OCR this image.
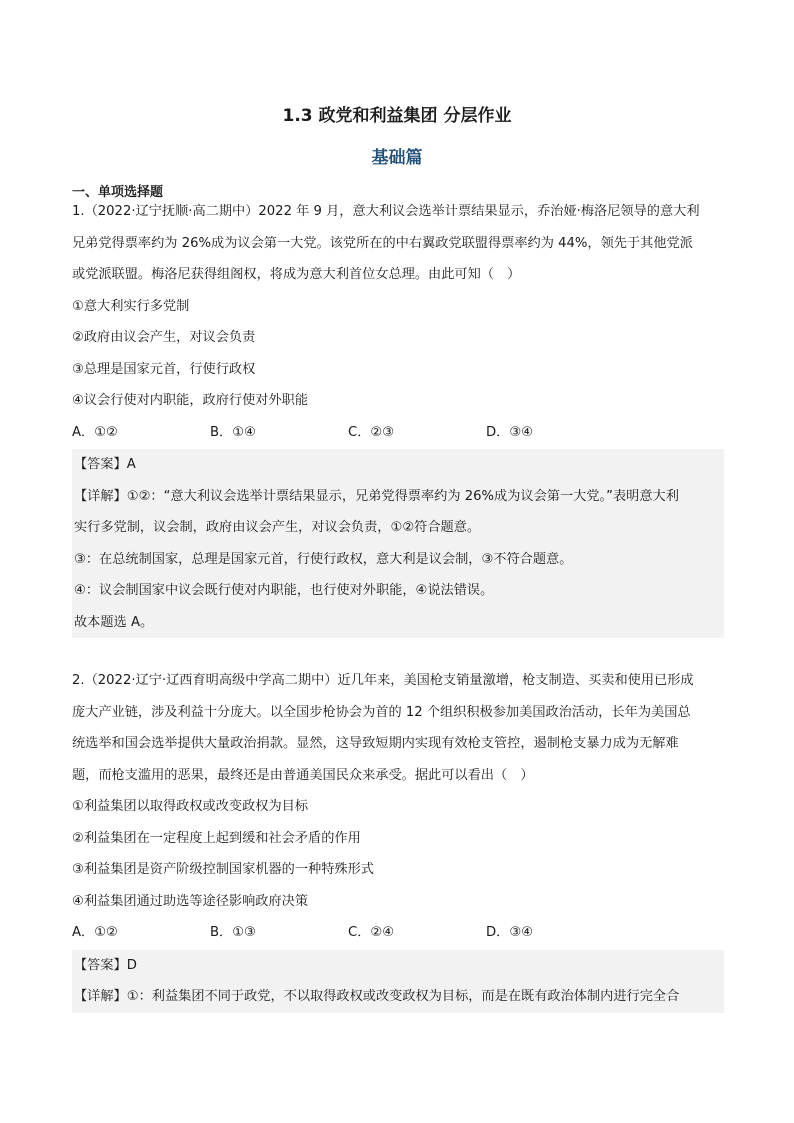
1.3 政党和利益集团 分层作业
基础篇
一、单项选择题
1.（2022·辽宁抚顺·高二期中）2022 年 9 月，意大利议会选举计票结果显示，乔治娅·梅洛尼领导的意大利
兄弟党得票率约为 26%成为议会第一大党。该党所在的中右翼政党联盟得票率约为 44%，领先于其他党派
或党派联盟。梅洛尼获得组阁权，将成为意大利首位女总理。由此可知（　）
①意大利实行多党制
②政府由议会产生，对议会负责
③总理是国家元首，行使行政权
④议会行使对内职能，政府行使对外职能
A．①②	B．①④	C．②③	D．③④
【答案】A
【详解】①②：“意大利议会选举计票结果显示，兄弟党得票率约为 26%成为议会第一大党。”表明意大利
实行多党制，议会制，政府由议会产生，对议会负责，①②符合题意。
③：在总统制国家，总理是国家元首，行使行政权，意大利是议会制，③不符合题意。
④：议会制国家中议会既行使对内职能，也行使对外职能，④说法错误。
故本题选 A。
2.（2022·辽宁·辽西育明高级中学高二期中）近几年来，美国枪支销量激增，枪支制造、买卖和使用已形成
庞大产业链，涉及利益十分庞大。以全国步枪协会为首的 12 个组织积极参加美国政治活动，长年为美国总
统选举和国会选举提供大量政治捐款。显然，这导致短期内实现有效枪支管控，遏制枪支暴力成为无解难
题，而枪支滥用的恶果，最终还是由普通美国民众来承受。据此可以看出（　）
①利益集团以取得政权或改变政权为目标
②利益集团在一定程度上起到缓和社会矛盾的作用
③利益集团是资产阶级控制国家机器的一种特殊形式
④利益集团通过助选等途径影响政府决策
A．①②	B．①③	C．②④	D．③④
【答案】D
【详解】①：利益集团不同于政党，不以取得政权或改变政权为目标，而是在既有政治体制内进行完全合
